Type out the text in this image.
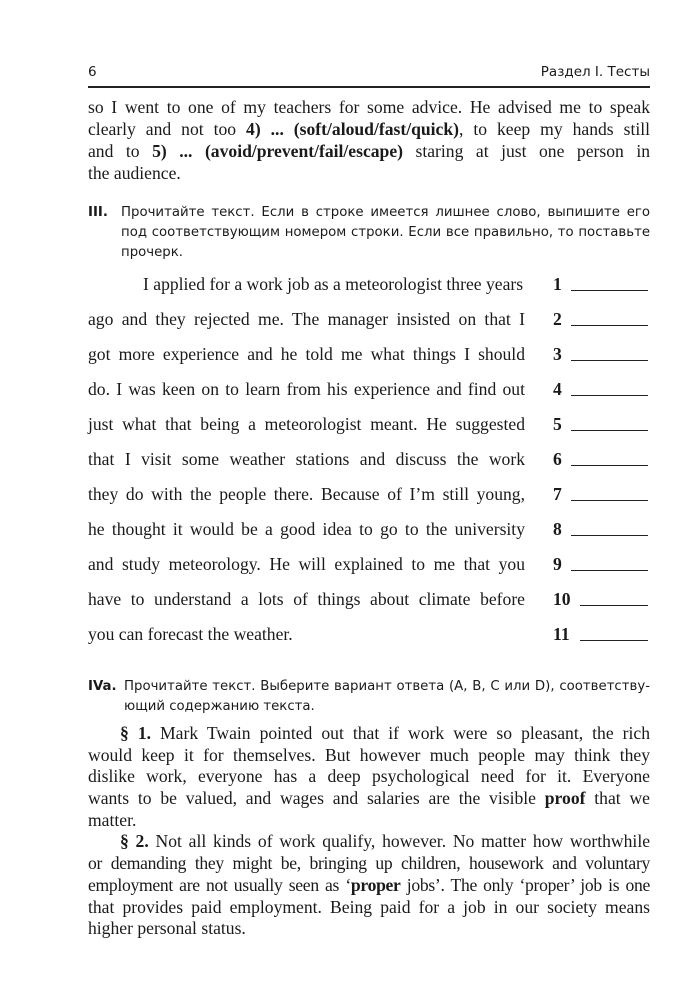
6	Раздел I. Тесты
so I went to one of my teachers for some advice. He advised me to speak
clearly and not too 4) ... (soft/aloud/fast/quick), to keep my hands still
and to 5) ... (avoid/prevent/fail/escape) staring at just one person in
the audience.
III. Прочитайте текст. Если в строке имеется лишнее слово, выпишите его под соответствующим номером строки. Если все правильно, то поставьте прочерк.
I applied for a work job as a meteorologist three years 1
ago and they rejected me. The manager insisted on that I 2
got more experience and he told me what things I should 3
do. I was keen on to learn from his experience and find out 4
just what that being a meteorologist meant. He suggested 5
that I visit some weather stations and discuss the work 6
they do with the people there. Because of I’m still young, 7
he thought it would be a good idea to go to the university 8
and study meteorology. He will explained to me that you 9
have to understand a lots of things about climate before 10
you can forecast the weather.	11
IVa. Прочитайте текст. Выберите вариант ответа (A, B, C или D), соответству-ющий содержанию текста.
§ 1. Mark Twain pointed out that if work were so pleasant, the rich
would keep it for themselves. But however much people may think they
dislike work, everyone has a deep psychological need for it. Everyone
wants to be valued, and wages and salaries are the visible proof that we
matter.
§ 2. Not all kinds of work qualify, however. No matter how worthwhile
or demanding they might be, bringing up children, housework and voluntary
employment are not usually seen as ‘proper jobs’. The only ‘proper’ job is one
that provides paid employment. Being paid for a job in our society means
higher personal status.
